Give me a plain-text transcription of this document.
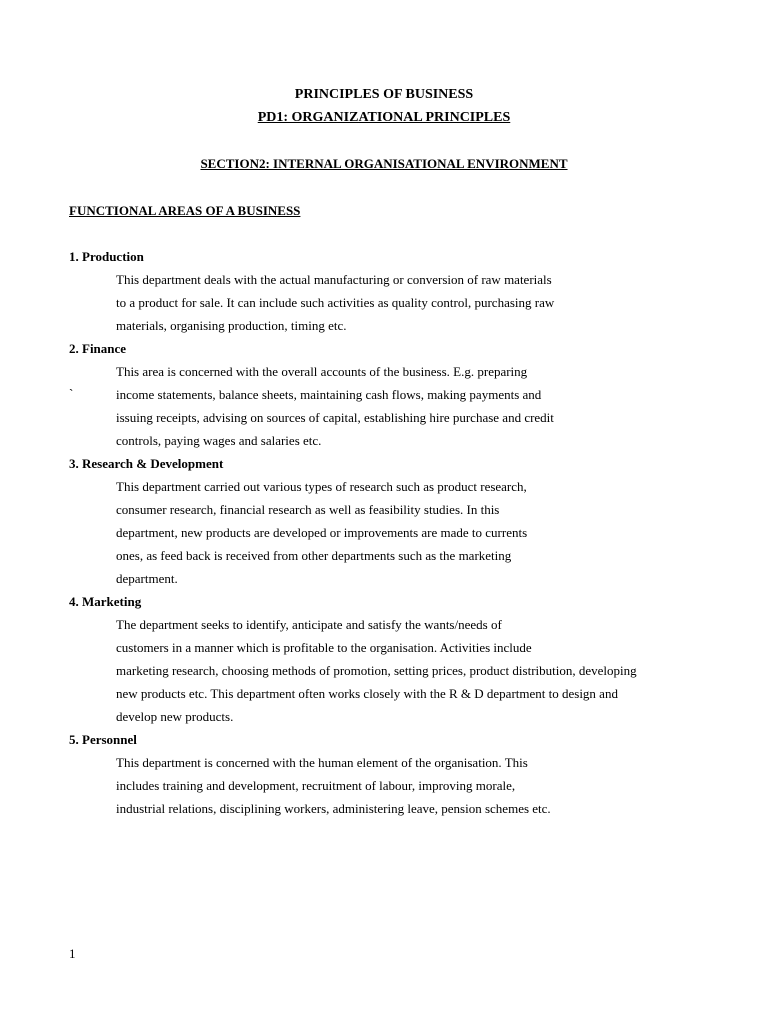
PRINCIPLES OF BUSINESS
PD1: ORGANIZATIONAL PRINCIPLES
SECTION2: INTERNAL ORGANISATIONAL ENVIRONMENT
FUNCTIONAL AREAS OF A BUSINESS
1. Production
This department deals with the actual manufacturing or conversion of raw materials
to a product for sale. It can include such activities as quality control, purchasing raw
materials, organising production, timing etc.
2. Finance
This area is concerned with the overall accounts of the business. E.g. preparing
`	income statements, balance sheets, maintaining cash flows, making payments and
issuing receipts, advising on sources of capital, establishing hire purchase and credit
controls, paying wages and salaries etc.
3. Research & Development
This department carried out various types of research such as product research,
consumer research, financial research as well as feasibility studies. In this
department, new products are developed or improvements are made to currents
ones, as feed back is received from other departments such as the marketing
department.
4. Marketing
The department seeks to identify, anticipate and satisfy the wants/needs of
customers in a manner which is profitable to the organisation. Activities include
marketing research, choosing methods of promotion, setting prices, product distribution, developing
new products etc. This department often works closely with the R & D department to design and
develop new products.
5. Personnel
This department is concerned with the human element of the organisation. This
includes training and development, recruitment of labour, improving morale,
industrial relations, disciplining workers, administering leave, pension schemes etc.
1
